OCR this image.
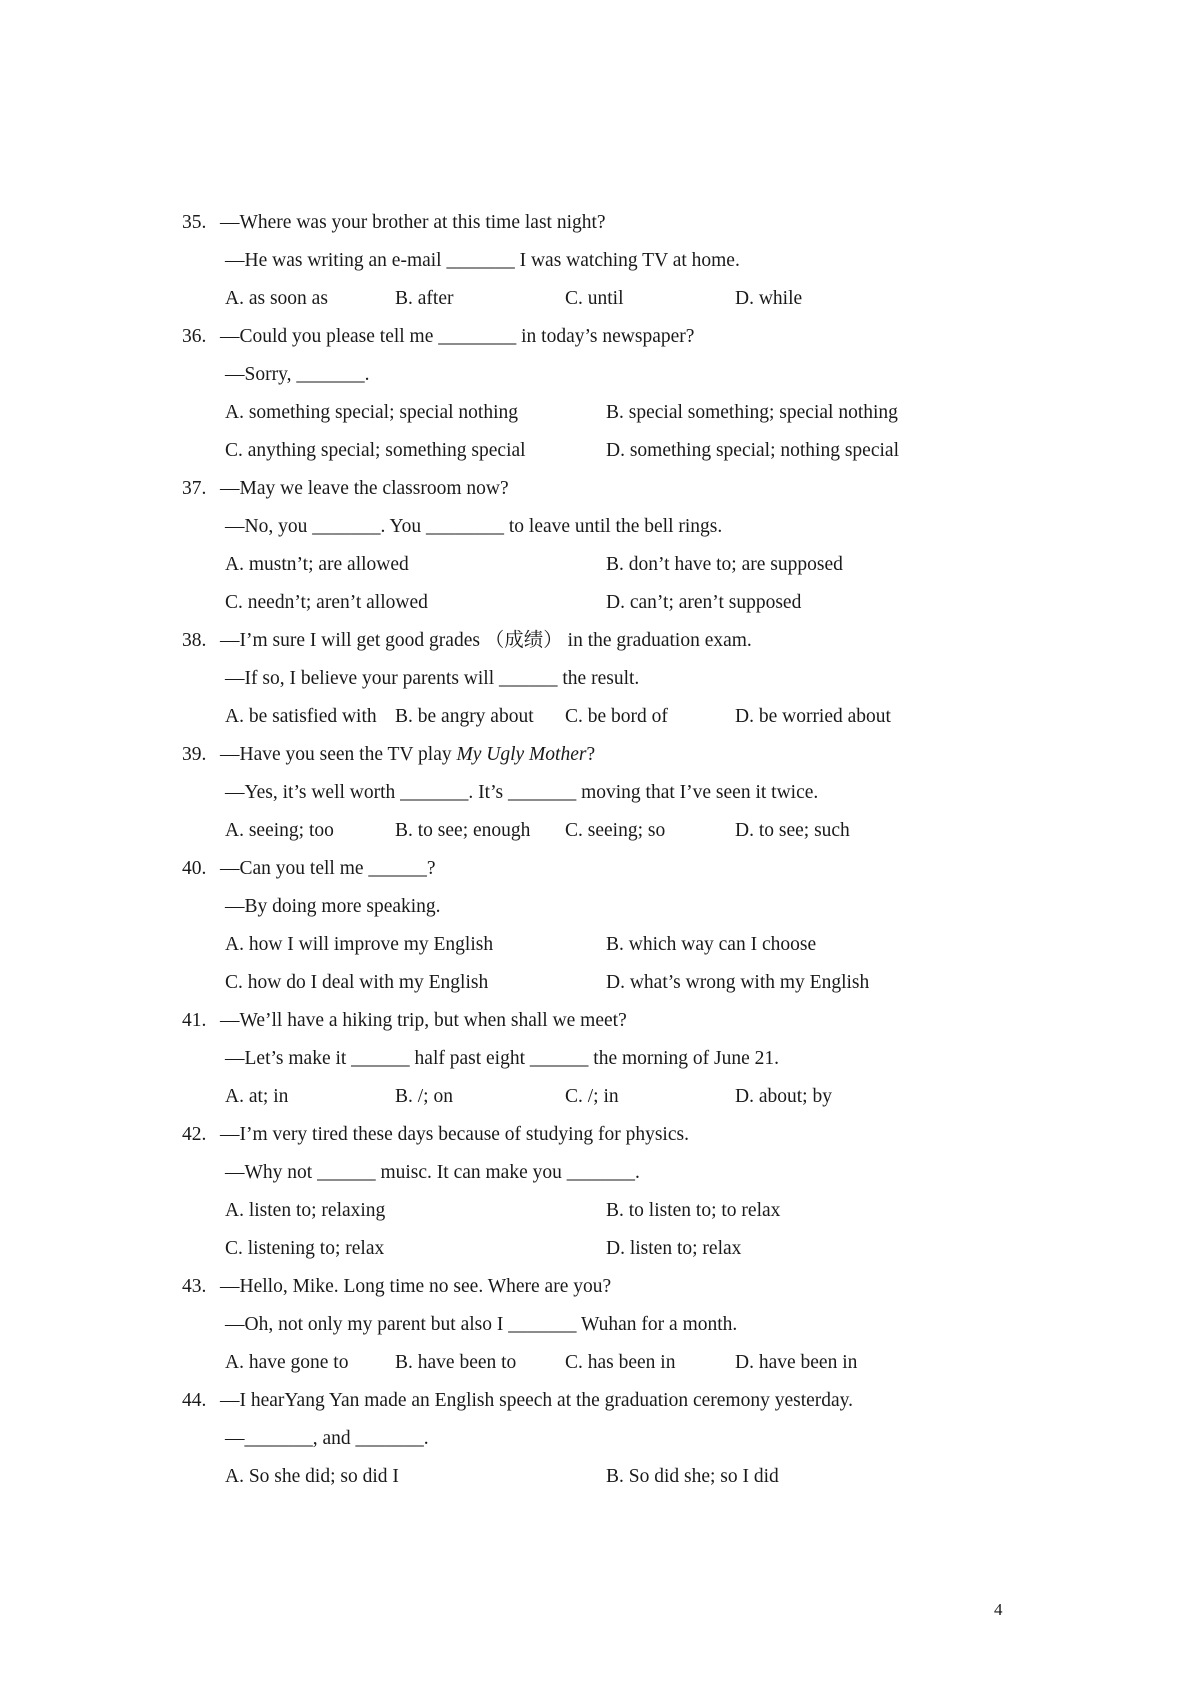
35. —Where was your brother at this time last night?
—He was writing an e-mail _______ I was watching TV at home.
A. as soon as	B. after	C. until	D. while
36. —Could you please tell me ________ in today’s newspaper?
—Sorry, _______.
A. something special; special nothing	B. special something; special nothing
C. anything special; something special	D. something special; nothing special
37. —May we leave the classroom now?
—No, you _______. You ________ to leave until the bell rings.
A. mustn’t; are allowed	B. don’t have to; are supposed
C. needn’t; aren’t allowed	D. can’t; aren’t supposed
38. —I’m sure I will get good grades （成绩） in the graduation exam.
—If so, I believe your parents will ______ the result.
A. be satisfied with B. be angry about	C. be bord of	D. be worried about
39. —Have you seen the TV play My Ugly Mother?
—Yes, it’s well worth _______. It’s _______ moving that I’ve seen it twice.
A. seeing; too	B. to see; enough	C. seeing; so	D. to see; such
40. —Can you tell me ______?
—By doing more speaking.
A. how I will improve my English	B. which way can I choose
C. how do I deal with my English	D. what’s wrong with my English
41. —We’ll have a hiking trip, but when shall we meet?
—Let’s make it ______ half past eight ______ the morning of June 21.
A. at; in	B. /; on	C. /; in	D. about; by
42. —I’m very tired these days because of studying for physics.
—Why not ______ muisc. It can make you _______.
A. listen to; relaxing	B. to listen to; to relax
C. listening to; relax	D. listen to; relax
43. —Hello, Mike. Long time no see. Where are you?
—Oh, not only my parent but also I _______ Wuhan for a month.
A. have gone to	B. have been to	C. has been in	D. have been in
44. —I hearYang Yan made an English speech at the graduation ceremony yesterday.
—_______, and _______.
A. So she did; so did I	B. So did she; so I did
4
